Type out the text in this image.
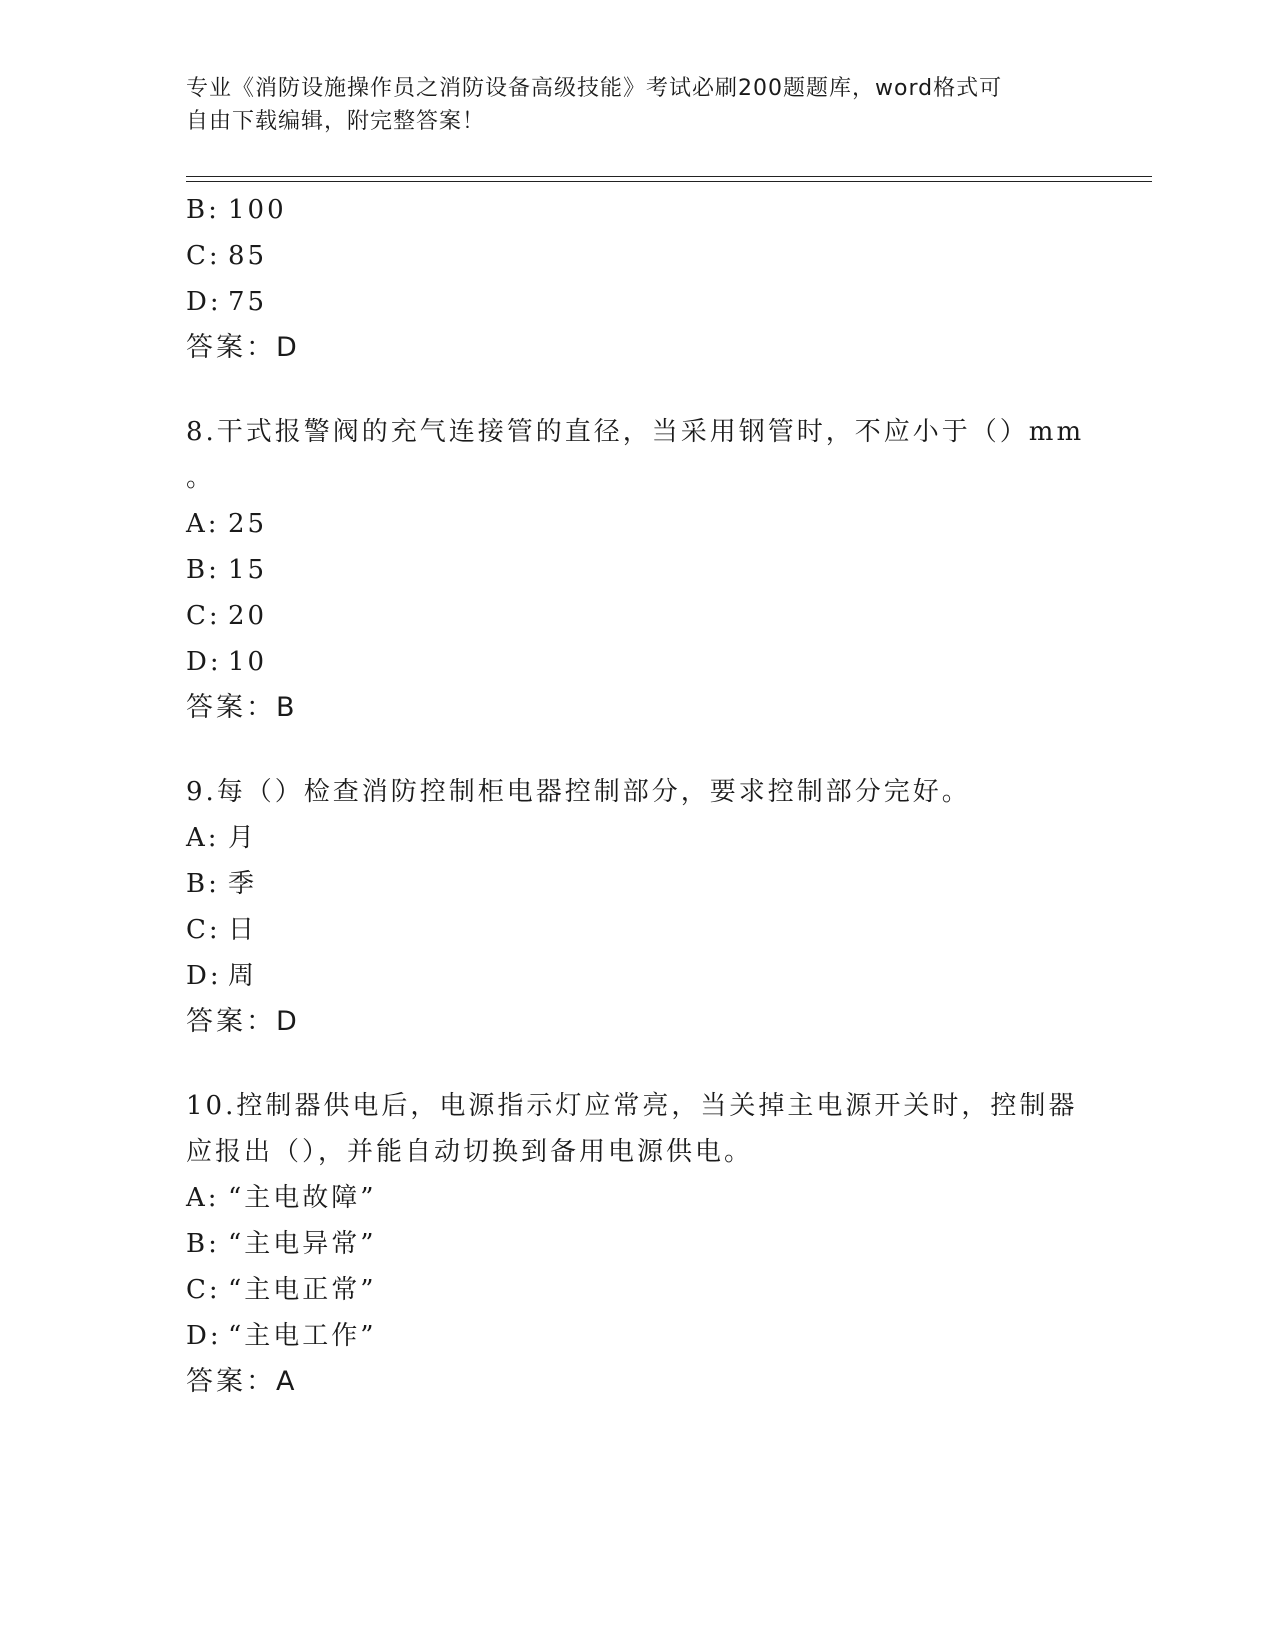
专业《消防设施操作员之消防设备高级技能》考试必刷200题题库，word格式可
自由下载编辑，附完整答案！
B: 100
C: 85
D: 75
答案：D
8.干式报警阀的充气连接管的直径，当采用钢管时，不应小于（）mm
。
A: 25
B: 15
C: 20
D: 10
答案：B
9.每（）检查消防控制柜电器控制部分，要求控制部分完好。
A: 月
B: 季
C: 日
D: 周
答案：D
10.控制器供电后，电源指示灯应常亮，当关掉主电源开关时，控制器
应报出（），并能自动切换到备用电源供电。
A: “主电故障”
B: “主电异常”
C: “主电正常”
D: “主电工作”
答案：A
